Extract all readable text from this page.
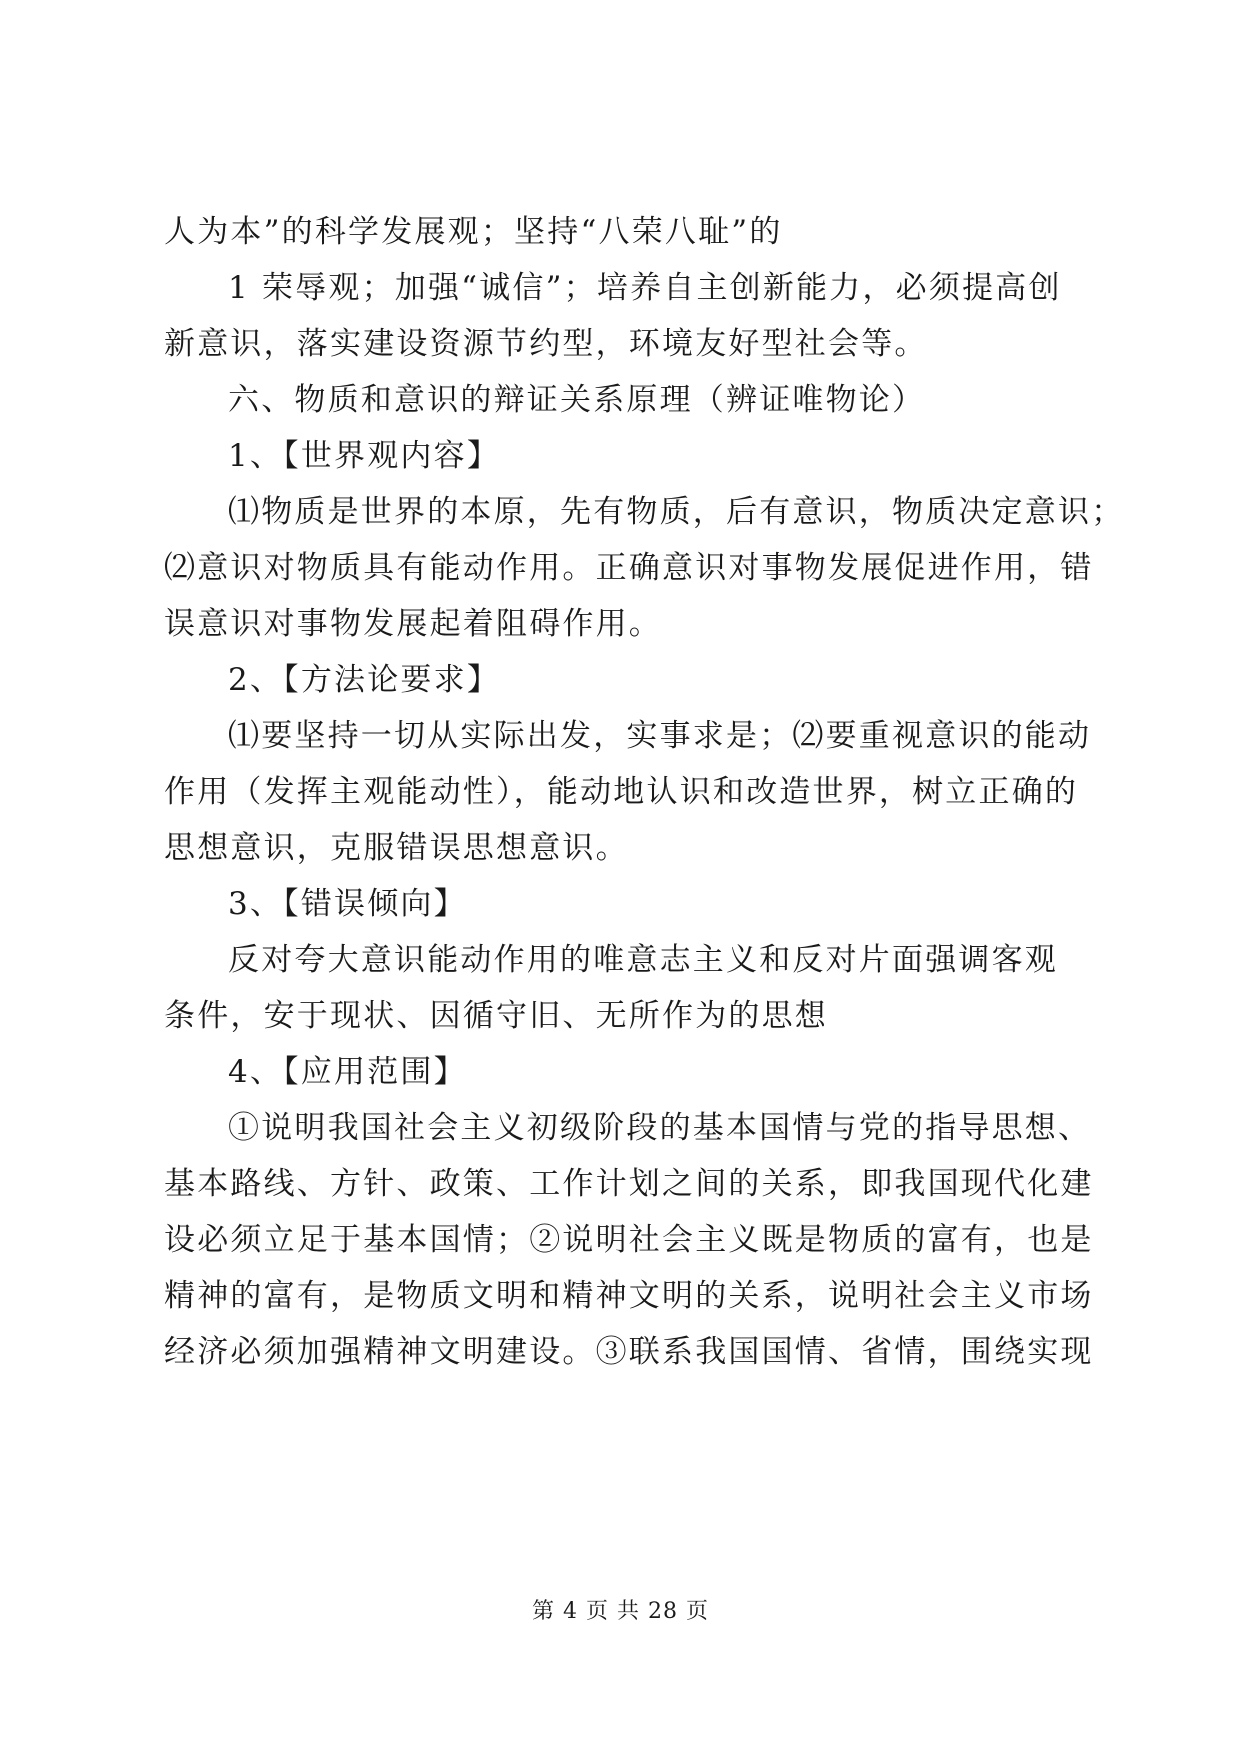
人为本”的科学发展观；坚持“八荣八耻”的
1 荣辱观；加强“诚信”；培养自主创新能力，必须提高创
新意识，落实建设资源节约型，环境友好型社会等。
六、物质和意识的辩证关系原理（辨证唯物论）
1、【世界观内容】
⑴物质是世界的本原，先有物质，后有意识，物质决定意识；
⑵意识对物质具有能动作用。正确意识对事物发展促进作用，错
误意识对事物发展起着阻碍作用。
2、【方法论要求】
⑴要坚持一切从实际出发，实事求是；⑵要重视意识的能动
作用（发挥主观能动性），能动地认识和改造世界，树立正确的
思想意识，克服错误思想意识。
3、【错误倾向】
反对夸大意识能动作用的唯意志主义和反对片面强调客观
条件，安于现状、因循守旧、无所作为的思想
4、【应用范围】
①说明我国社会主义初级阶段的基本国情与党的指导思想、
基本路线、方针、政策、工作计划之间的关系，即我国现代化建
设必须立足于基本国情；②说明社会主义既是物质的富有，也是
精神的富有，是物质文明和精神文明的关系，说明社会主义市场
经济必须加强精神文明建设。③联系我国国情、省情，围绕实现
第 4 页 共 28 页
